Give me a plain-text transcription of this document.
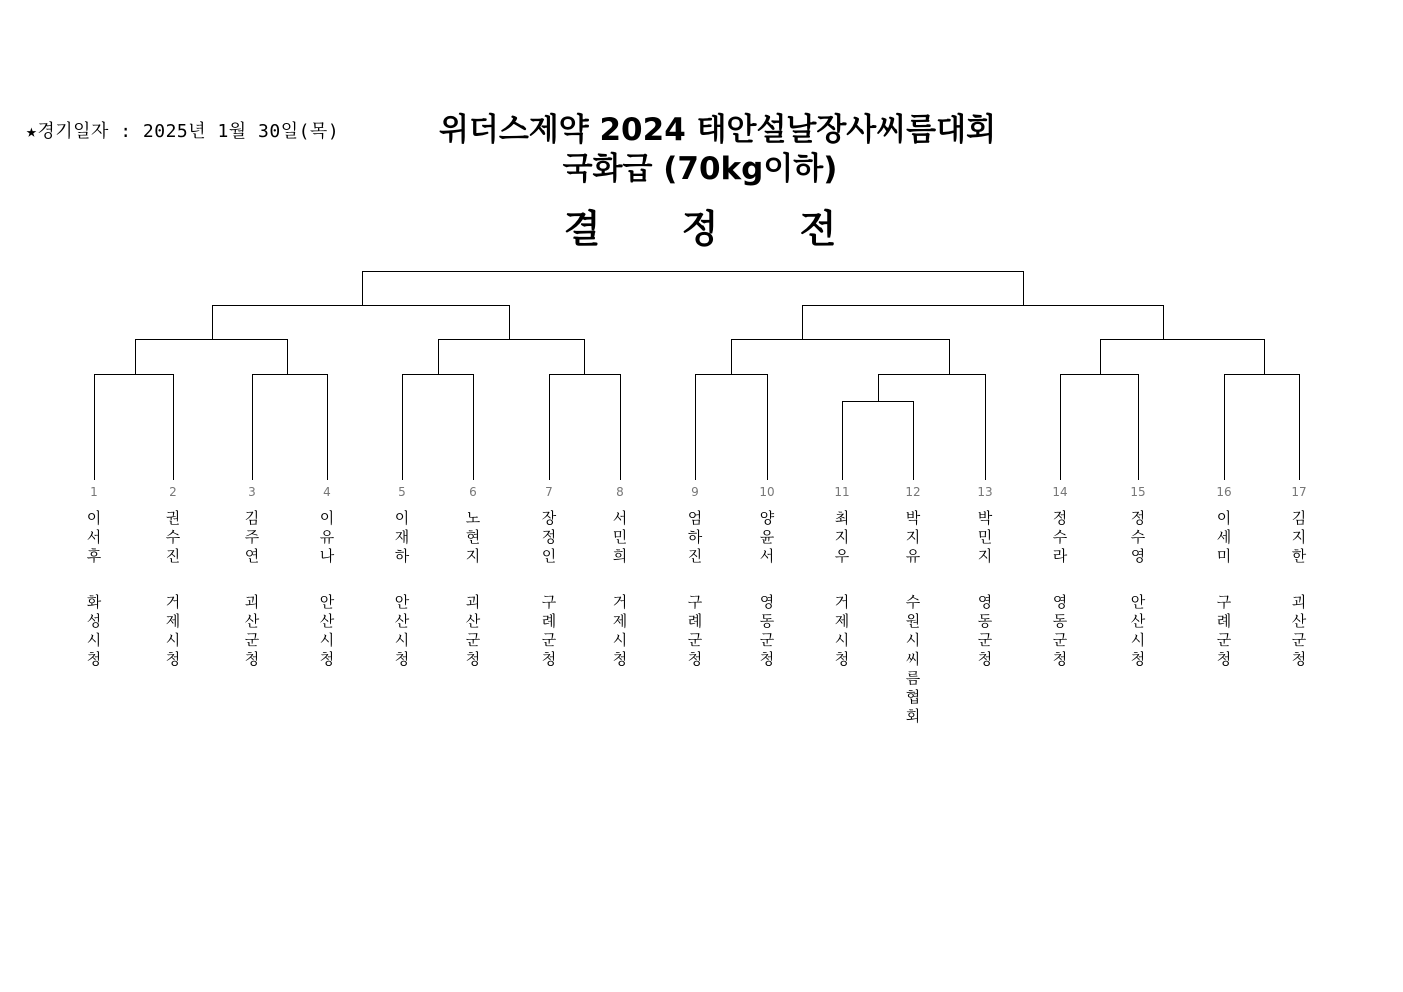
★경기일자 : 2025년 1월 30일(목)	위더스제약 2024 태안설날장사씨름대회
국화급 (70kg이하)
결 정 전
1
이서후
화성시청
2
권수진
거제시청
3
김주연
괴산군청
4
이유나
안산시청
5
이재하
안산시청
6
노현지
괴산군청
7
장정인
구례군청
8
서민희
거제시청
9
엄하진
구례군청
10
양윤서
영동군청
11
최지우
거제시청
12
박지유
수원시씨름협회
13
박민지
영동군청
14
정수라
영동군청
15
정수영
안산시청
16
이세미
구례군청
17
김지한
괴산군청
